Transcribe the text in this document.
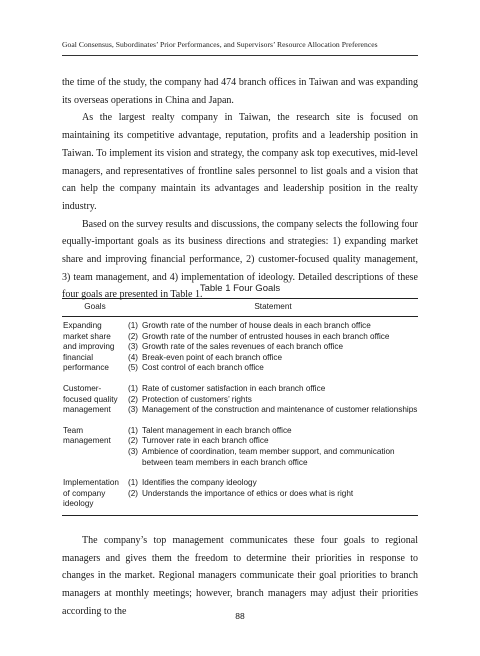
Goal Consensus, Subordinates’ Prior Performances, and Supervisors’ Resource Allocation Preferences

the time of the study, the company had 474 branch offices in Taiwan and was expanding its overseas operations in China and Japan.

As the largest realty company in Taiwan, the research site is focused on maintaining its competitive advantage, reputation, profits and a leadership position in Taiwan. To implement its vision and strategy, the company ask top executives, mid-level managers, and representatives of frontline sales personnel to list goals and a vision that can help the company maintain its advantages and leadership position in the realty industry.

Based on the survey results and discussions, the company selects the following four equally-important goals as its business directions and strategies: 1) expanding market share and improving financial performance, 2) customer-focused quality management, 3) team management, and 4) implementation of ideology. Detailed descriptions of these four goals are presented in Table 1.

Table 1 Four Goals
Goals	Statement
Expanding
market share
and improving
financial
performance
(1) Growth rate of the number of house deals in each branch office
(2) Growth rate of the number of entrusted houses in each branch office
(3) Growth rate of the sales revenues of each branch office
(4) Break-even point of each branch office
(5) Cost control of each branch office
Customer-
focused quality
management
(1) Rate of customer satisfaction in each branch office
(2) Protection of customers’ rights
(3) Management of the construction and maintenance of customer relationships
Team
management
(1) Talent management in each branch office
(2) Turnover rate in each branch office
(3) Ambience of coordination, team member support, and communication between team members in each branch office
Implementation
of company
ideology
(1) Identifies the company ideology
(2) Understands the importance of ethics or does what is right

The company’s top management communicates these four goals to regional managers and gives them the freedom to determine their priorities in response to changes in the market. Regional managers communicate their goal priorities to branch managers at monthly meetings; however, branch managers may adjust their priorities according to the	88
